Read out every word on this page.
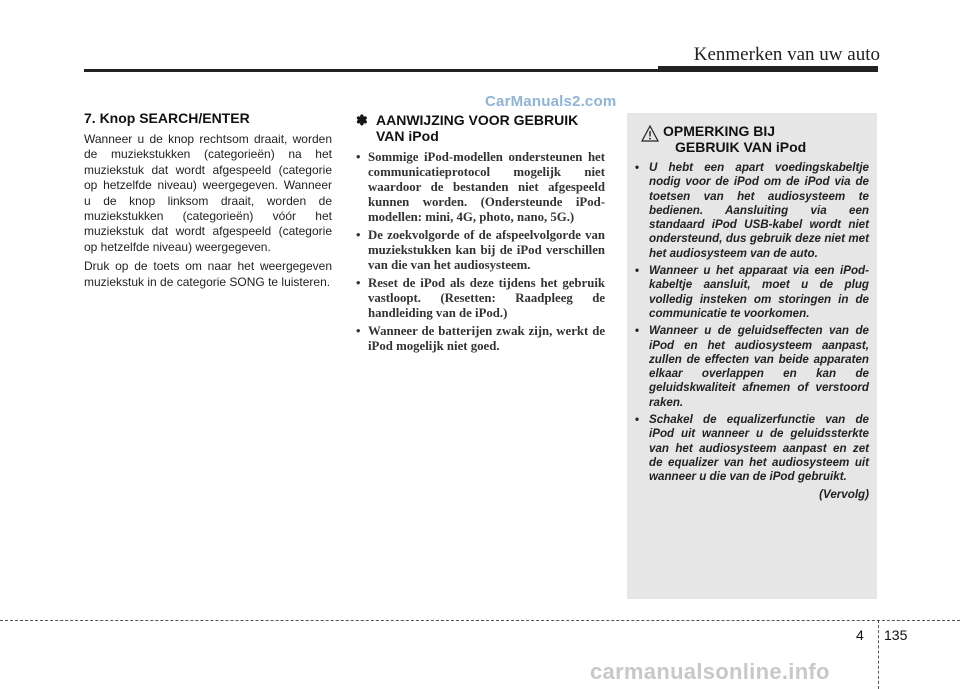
Kenmerken van uw auto
CarManuals2.com
7. Knop SEARCH/ENTER

Wanneer u de knop rechtsom draait, worden de muziekstukken (categorieën) na het muziekstuk dat wordt afgespeeld (categorie op hetzelfde niveau) weergegeven. Wanneer u de knop linksom draait, worden de muziekstukken (categorieën) vóór het muziekstuk dat wordt afgespeeld (categorie op hetzelfde niveau) weergegeven.

Druk op de toets om naar het weergegeven muziekstuk in de categorie SONG te luisteren.

✽ AANWIJZING VOOR GEBRUIK VAN iPod
• Sommige iPod-modellen ondersteunen het communicatieprotocol mogelijk niet waardoor de bestanden niet afgespeeld kunnen worden. (Ondersteunde iPod-modellen: mini, 4G, photo, nano, 5G.)
• De zoekvolgorde of de afspeelvolgorde van muziekstukken kan bij de iPod verschillen van die van het audiosysteem.
• Reset de iPod als deze tijdens het gebruik vastloopt. (Resetten: Raadpleeg de handleiding van de iPod.)
• Wanneer de batterijen zwak zijn, werkt de iPod mogelijk niet goed.
OPMERKING BIJ
GEBRUIK VAN iPod
• U hebt een apart voedingskabeltje nodig voor de iPod om de iPod via de toetsen van het audiosysteem te bedienen. Aansluiting via een standaard iPod USB-kabel wordt niet ondersteund, dus gebruik deze niet met het audiosysteem van de auto.
• Wanneer u het apparaat via een iPod-kabeltje aansluit, moet u de plug volledig insteken om storingen in de communicatie te voorkomen.
• Wanneer u de geluidseffecten van de iPod en het audiosysteem aanpast, zullen de effecten van beide apparaten elkaar overlappen en kan de geluidskwaliteit afnemen of verstoord raken.
• Schakel de equalizerfunctie van de iPod uit wanneer u de geluidssterkte van het audiosysteem aanpast en zet de equalizer van het audiosysteem uit wanneer u die van de iPod gebruikt.
(Vervolg)
4 135
carmanualsonline.info
